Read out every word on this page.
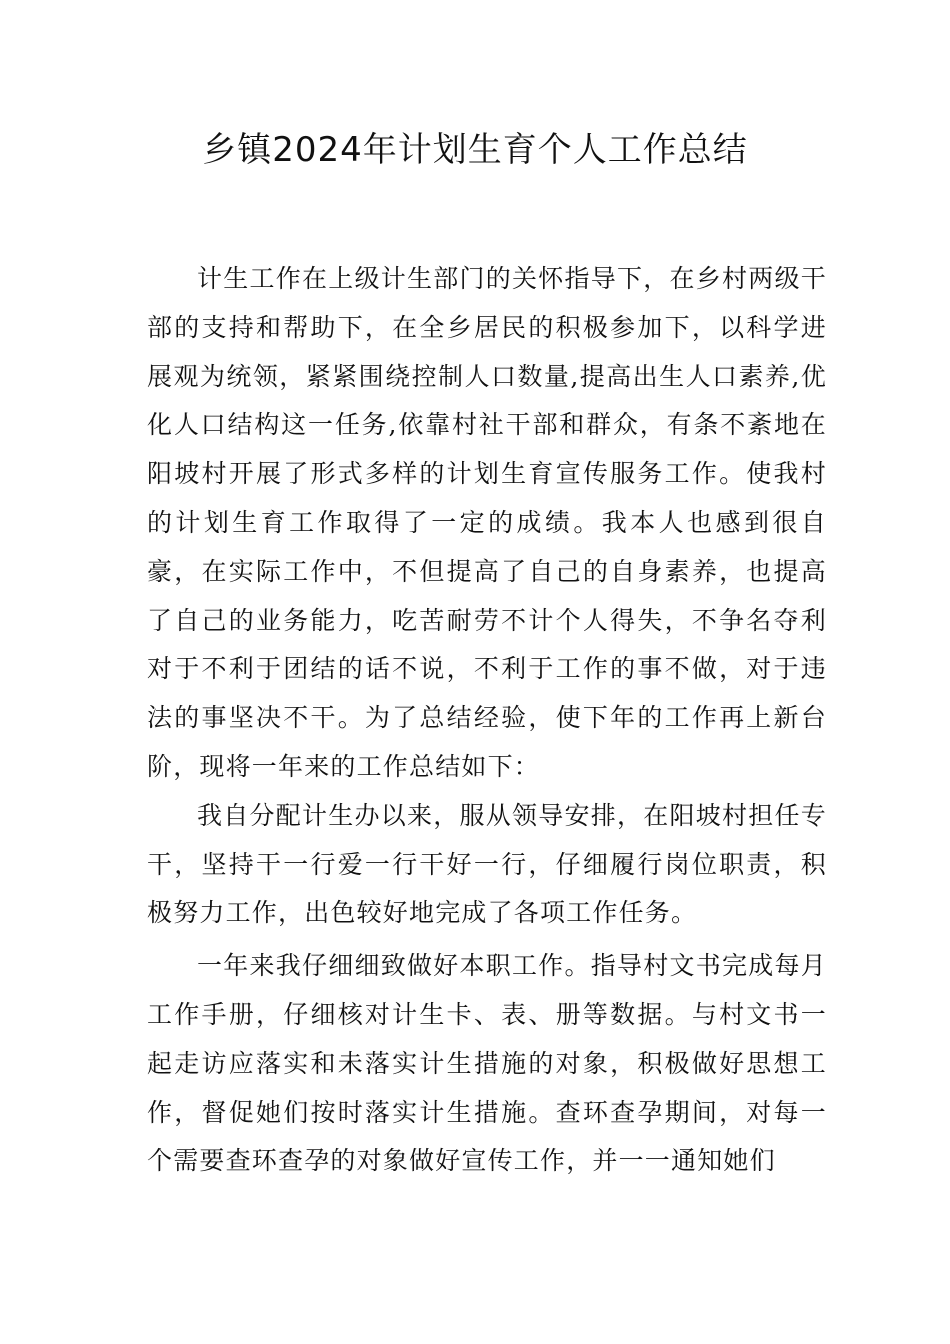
乡镇2024年计划生育个人工作总结

计生工作在上级计生部门的关怀指导下，在乡村两级干部的支持和帮助下，在全乡居民的积极参加下，以科学进展观为统领，紧紧围绕控制人口数量,提高出生人口素养,优化人口结构这一任务,依靠村社干部和群众，有条不紊地在阳坡村开展了形式多样的计划生育宣传服务工作。使我村的计划生育工作取得了一定的成绩。我本人也感到很自豪，在实际工作中，不但提高了自己的自身素养，也提高了自己的业务能力，吃苦耐劳不计个人得失，不争名夺利对于不利于团结的话不说，不利于工作的事不做，对于违法的事坚决不干。为了总结经验，使下年的工作再上新台阶，现将一年来的工作总结如下：

我自分配计生办以来，服从领导安排，在阳坡村担任专干，坚持干一行爱一行干好一行，仔细履行岗位职责，积极努力工作，出色较好地完成了各项工作任务。

一年来我仔细细致做好本职工作。指导村文书完成每月工作手册，仔细核对计生卡、表、册等数据。与村文书一起走访应落实和未落实计生措施的对象，积极做好思想工作，督促她们按时落实计生措施。查环查孕期间，对每一个需要查环查孕的对象做好宣传工作，并一一通知她们
